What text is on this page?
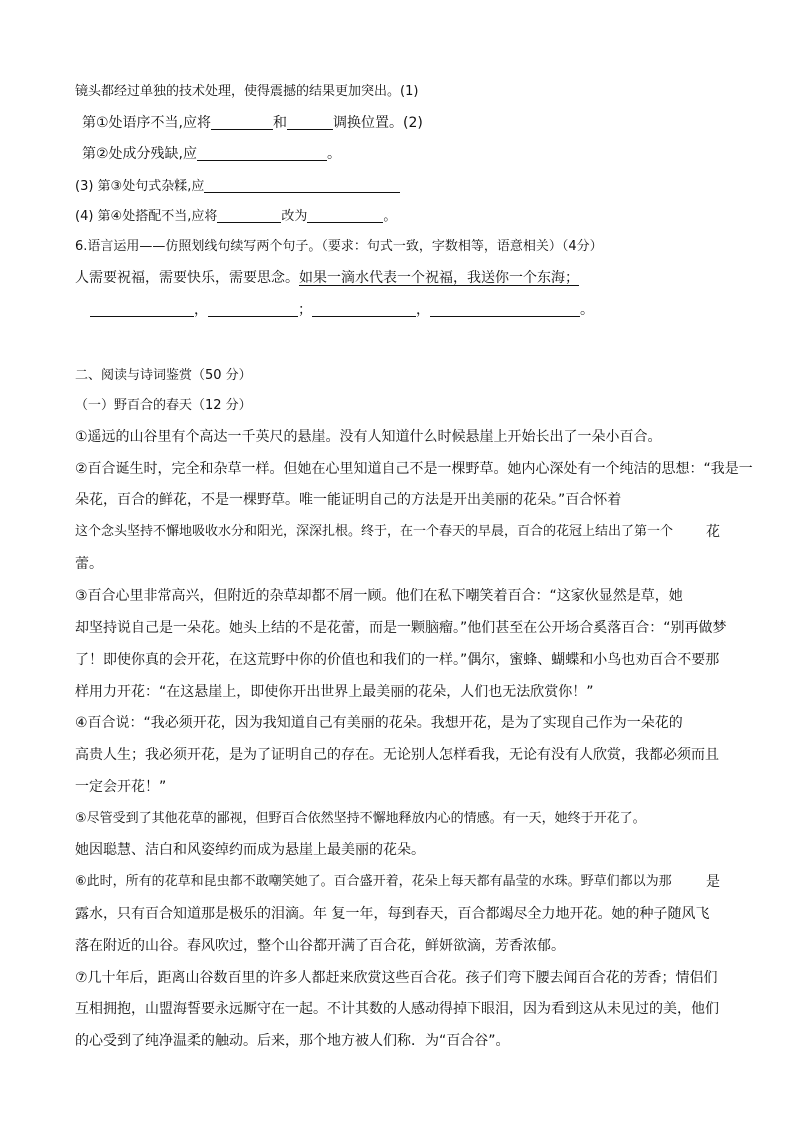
镜头都经过单独的技术处理，使得震撼的结果更加突出。(1)
第①处语序不当,应将	和	调换位置。(2)
第②处成分残缺,应	。
(3) 第③处句式杂糅,应
(4) 第④处搭配不当,应将	改为	。
6.语言运用——仿照划线句续写两个句子。（要求：句式一致，字数相等，语意相关）（4分）
人需要祝福，需要快乐，需要思念。如果一滴水代表一个祝福，我送你一个东海；
，	；	，	。
二、阅读与诗词鉴赏（50 分）
（一）野百合的春天（12 分）
①遥远的山谷里有个高达一千英尺的悬崖。没有人知道什么时候悬崖上开始长出了一朵小百合。
②百合诞生时，完全和杂草一样。但她在心里知道自己不是一棵野草。她内心深处有一个纯洁的思想：“我是一
朵花，百合的鲜花，不是一棵野草。唯一能证明自己的方法是开出美丽的花朵。”百合怀着
这个念头坚持不懈地吸收水分和阳光，深深扎根。终于，在一个春天的早晨，百合的花冠上结出了第一个 花
蕾。
③百合心里非常高兴，但附近的杂草却都不屑一顾。他们在私下嘲笑着百合：“这家伙显然是草，她
却坚持说自己是一朵花。她头上结的不是花蕾，而是一颗脑瘤。”他们甚至在公开场合奚落百合：“别再做梦
了！即使你真的会开花，在这荒野中你的价值也和我们的一样。”偶尔，蜜蜂、蝴蝶和小鸟也劝百合不要那
样用力开花：“在这悬崖上，即使你开出世界上最美丽的花朵，人们也无法欣赏你！”
④百合说：“我必须开花，因为我知道自己有美丽的花朵。我想开花，是为了实现自己作为一朵花的
高贵人生；我必须开花，是为了证明自己的存在。无论别人怎样看我，无论有没有人欣赏，我都必须而且
一定会开花！”
⑤尽管受到了其他花草的鄙视，但野百合依然坚持不懈地释放内心的情感。有一天，她终于开花了。
她因聪慧、洁白和风姿绰约而成为悬崖上最美丽的花朵。
⑥此时，所有的花草和昆虫都不敢嘲笑她了。百合盛开着，花朵上每天都有晶莹的水珠。野草们都以为那 是
露水，只有百合知道那是极乐的泪滴。年 复一年，每到春天，百合都竭尽全力地开花。她的种子随风飞
落在附近的山谷。春风吹过，整个山谷都开满了百合花，鲜妍欲滴，芳香浓郁。
⑦几十年后，距离山谷数百里的许多人都赶来欣赏这些百合花。孩子们弯下腰去闻百合花的芳香；情侣们
互相拥抱，山盟海誓要永远厮守在一起。不计其数的人感动得掉下眼泪，因为看到这从未见过的美，他们
的心受到了纯净温柔的触动。后来，那个地方被人们称．为“百合谷”。
